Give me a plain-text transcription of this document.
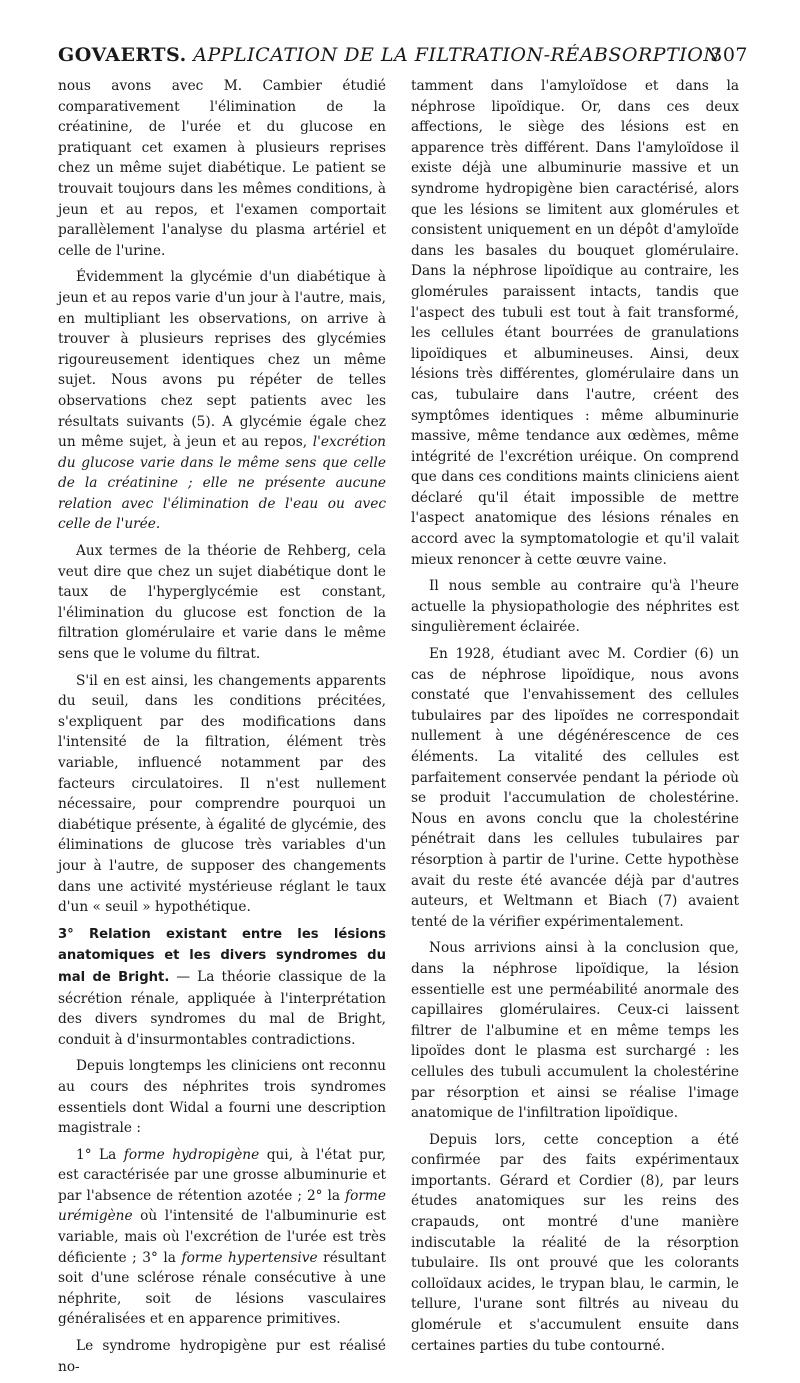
GOVAERTS. APPLICATION DE LA FILTRATION-RÉABSORPTION
307

nous avons avec M. Cambier étudié comparativement l'élimination de la créatinine, de l'urée et du glucose en pratiquant cet examen à plusieurs reprises chez un même sujet diabétique. Le patient se trouvait toujours dans les mêmes conditions, à jeun et au repos, et l'examen comportait parallèlement l'analyse du plasma artériel et celle de l'urine.

Évidemment la glycémie d'un diabétique à jeun et au repos varie d'un jour à l'autre, mais, en multipliant les observations, on arrive à trouver à plusieurs reprises des glycémies rigoureusement identiques chez un même sujet. Nous avons pu répéter de telles observations chez sept patients avec les résultats suivants (5). A glycémie égale chez un même sujet, à jeun et au repos, l'excrétion du glucose varie dans le même sens que celle de la créatinine ; elle ne présente aucune relation avec l'élimination de l'eau ou avec celle de l'urée.

Aux termes de la théorie de Rehberg, cela veut dire que chez un sujet diabétique dont le taux de l'hyperglycémie est constant, l'élimination du glucose est fonction de la filtration glomérulaire et varie dans le même sens que le volume du filtrat.

S'il en est ainsi, les changements apparents du seuil, dans les conditions précitées, s'expliquent par des modifications dans l'intensité de la filtration, élément très variable, influencé notamment par des facteurs circulatoires. Il n'est nullement nécessaire, pour comprendre pourquoi un diabétique présente, à égalité de glycémie, des éliminations de glucose très variables d'un jour à l'autre, de supposer des changements dans une activité mystérieuse réglant le taux d'un « seuil » hypothétique.

3° Relation existant entre les lésions anatomiques et les divers syndromes du mal de Bright. — La théorie classique de la sécrétion rénale, appliquée à l'interprétation des divers syndromes du mal de Bright, conduit à d'insurmontables contradictions.

Depuis longtemps les cliniciens ont reconnu au cours des néphrites trois syndromes essentiels dont Widal a fourni une description magistrale :

1° La forme hydropigène qui, à l'état pur, est caractérisée par une grosse albuminurie et par l'absence de rétention azotée ; 2° la forme urémigène où l'intensité de l'albuminurie est variable, mais où l'excrétion de l'urée est très déficiente ; 3° la forme hypertensive résultant soit d'une sclérose rénale consécutive à une néphrite, soit de lésions vasculaires généralisées et en apparence primitives.

Le syndrome hydropigène pur est réalisé no-

tamment dans l'amyloïdose et dans la néphrose lipoïdique. Or, dans ces deux affections, le siège des lésions est en apparence très différent. Dans l'amyloïdose il existe déjà une albuminurie massive et un syndrome hydropigène bien caractérisé, alors que les lésions se limitent aux glomérules et consistent uniquement en un dépôt d'amyloïde dans les basales du bouquet glomérulaire. Dans la néphrose lipoïdique au contraire, les glomérules paraissent intacts, tandis que l'aspect des tubuli est tout à fait transformé, les cellules étant bourrées de granulations lipoïdiques et albumineuses. Ainsi, deux lésions très différentes, glomérulaire dans un cas, tubulaire dans l'autre, créent des symptômes identiques : même albuminurie massive, même tendance aux œdèmes, même intégrité de l'excrétion uréique. On comprend que dans ces conditions maints cliniciens aient déclaré qu'il était impossible de mettre l'aspect anatomique des lésions rénales en accord avec la symptomatologie et qu'il valait mieux renoncer à cette œuvre vaine.

Il nous semble au contraire qu'à l'heure actuelle la physiopathologie des néphrites est singulièrement éclairée.

En 1928, étudiant avec M. Cordier (6) un cas de néphrose lipoïdique, nous avons constaté que l'envahissement des cellules tubulaires par des lipoïdes ne correspondait nullement à une dégénérescence de ces éléments. La vitalité des cellules est parfaitement conservée pendant la période où se produit l'accumulation de cholestérine. Nous en avons conclu que la cholestérine pénétrait dans les cellules tubulaires par résorption à partir de l'urine. Cette hypothèse avait du reste été avancée déjà par d'autres auteurs, et Weltmann et Biach (7) avaient tenté de la vérifier expérimentalement.

Nous arrivions ainsi à la conclusion que, dans la néphrose lipoïdique, la lésion essentielle est une perméabilité anormale des capillaires glomérulaires. Ceux-ci laissent filtrer de l'albumine et en même temps les lipoïdes dont le plasma est surchargé : les cellules des tubuli accumulent la cholestérine par résorption et ainsi se réalise l'image anatomique de l'infiltration lipoïdique.

Depuis lors, cette conception a été confirmée par des faits expérimentaux importants. Gérard et Cordier (8), par leurs études anatomiques sur les reins des crapauds, ont montré d'une manière indiscutable la réalité de la résorption tubulaire. Ils ont prouvé que les colorants colloïdaux acides, le trypan blau, le carmin, le tellure, l'urane sont filtrés au niveau du glomérule et s'accumulent ensuite dans certaines parties du tube contourné.
